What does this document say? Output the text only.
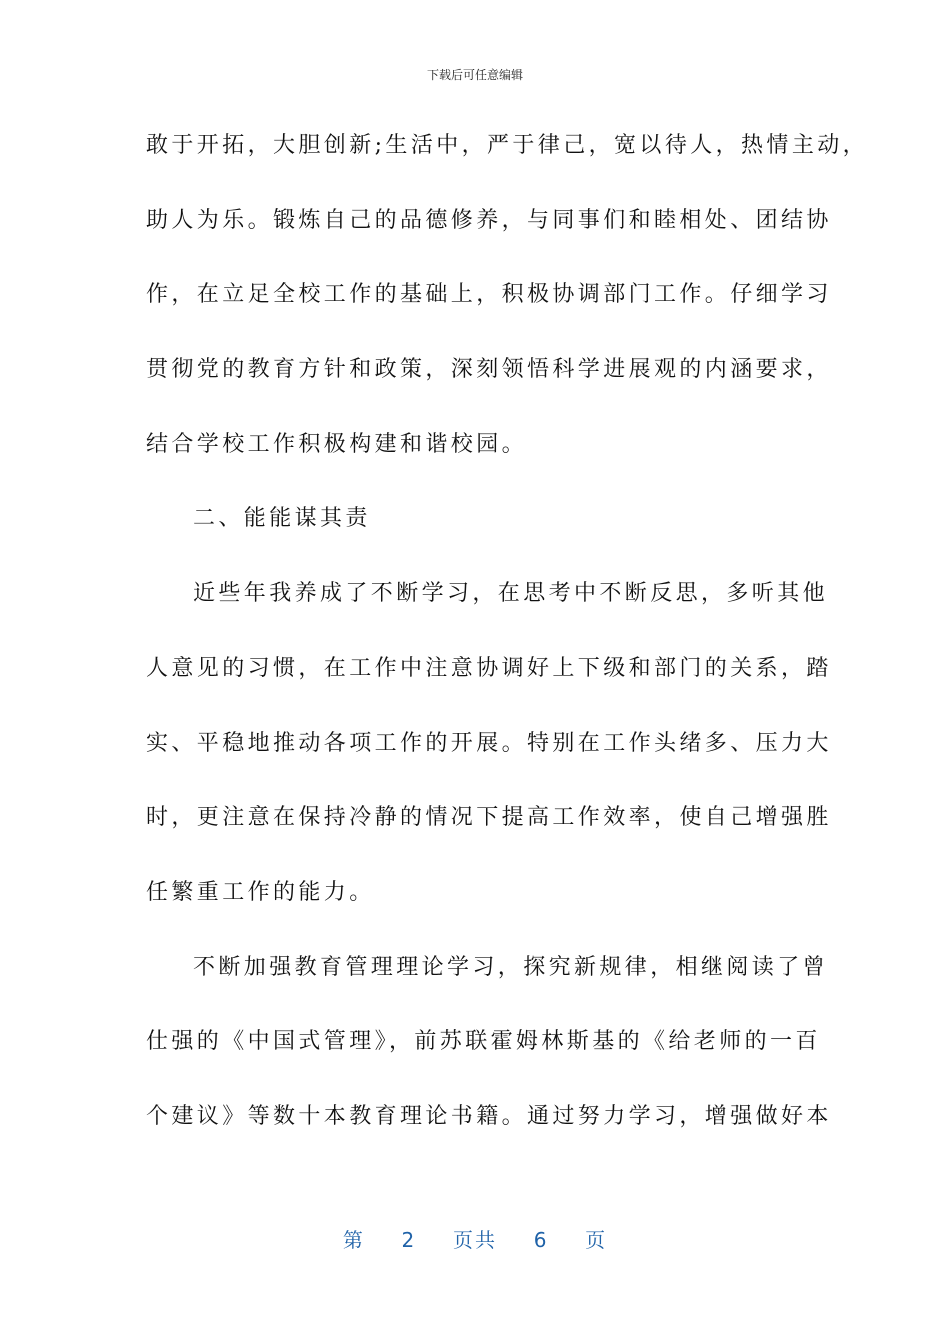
下载后可任意编辑
敢于开拓，大胆创新;生活中，严于律己，宽以待人，热情主动，
助人为乐。锻炼自己的品德修养，与同事们和睦相处、团结协
作，在立足全校工作的基础上，积极协调部门工作。仔细学习
贯彻党的教育方针和政策，深刻领悟科学进展观的内涵要求，
结合学校工作积极构建和谐校园。
二、能能谋其责
近些年我养成了不断学习，在思考中不断反思，多听其他
人意见的习惯，在工作中注意协调好上下级和部门的关系，踏
实、平稳地推动各项工作的开展。特别在工作头绪多、压力大
时，更注意在保持冷静的情况下提高工作效率，使自己增强胜
任繁重工作的能力。
不断加强教育管理理论学习，探究新规律，相继阅读了曾
仕强的《中国式管理》，前苏联霍姆林斯基的《给老师的一百
个建议》等数十本教育理论书籍。通过努力学习，增强做好本
第 2 页共 6 页
